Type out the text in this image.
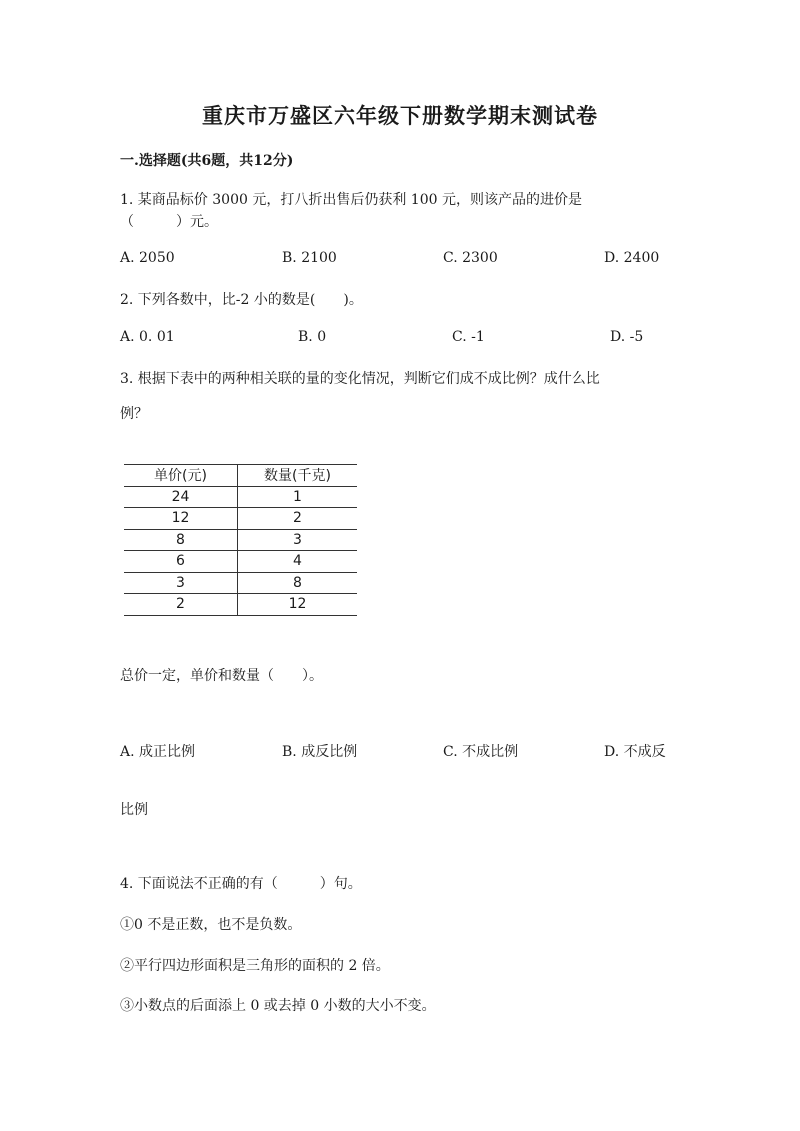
重庆市万盛区六年级下册数学期末测试卷
一.选择题(共6题，共12分)
1. 某商品标价 3000 元，打八折出售后仍获利 100 元，则该产品的进价是
（　　　）元。
A. 2050	B. 2100	C. 2300	D. 2400
2. 下列各数中，比-2 小的数是(　　)。
A. 0. 01	B. 0	C. -1	D. -5
3. 根据下表中的两种相关联的量的变化情况，判断它们成不成比例？成什么比
例？
单价(元)	数量(千克)
24	1
12	2
8	3
6	4
3	8
2	12
总价一定，单价和数量（　　）。
A. 成正比例	B. 成反比例	C. 不成比例	D. 不成反
比例
4. 下面说法不正确的有（　　　）句。
①0 不是正数，也不是负数。
②平行四边形面积是三角形的面积的 2 倍。
③小数点的后面添上 0 或去掉 0 小数的大小不变。
